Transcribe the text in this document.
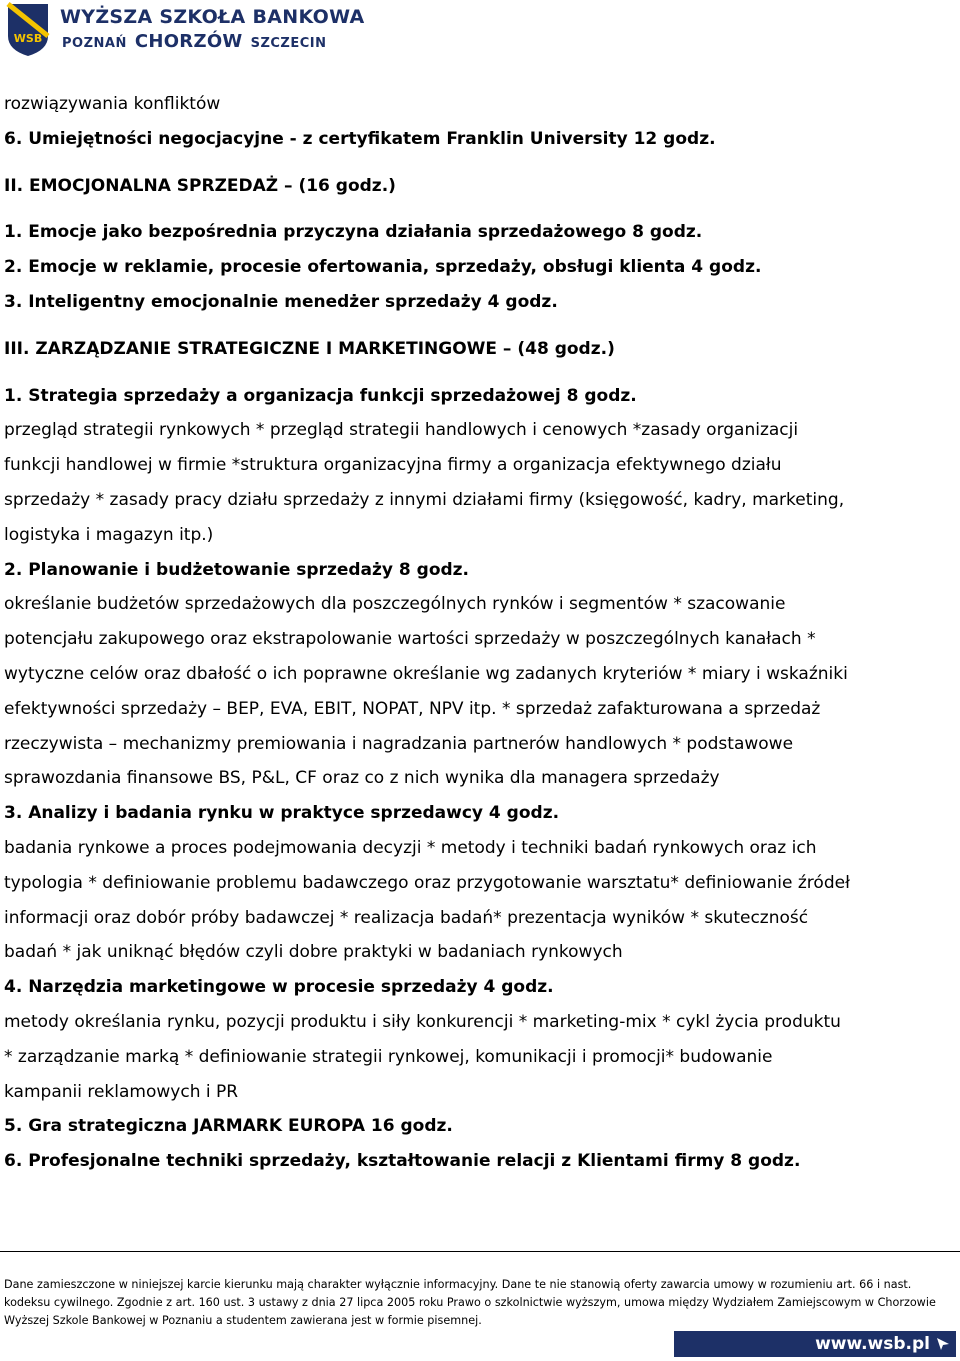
WSB
WYŻSZA SZKOŁA BANKOWA
POZNAŃ CHORZÓW SZCZECIN
rozwiązywania konfliktów
6. Umiejętności negocjacyjne - z certyfikatem Franklin University 12 godz.
II. EMOCJONALNA SPRZEDAŻ – (16 godz.)
1. Emocje jako bezpośrednia przyczyna działania sprzedażowego 8 godz.
2. Emocje w reklamie, procesie ofertowania, sprzedaży, obsługi klienta 4 godz.
3. Inteligentny emocjonalnie menedżer sprzedaży 4 godz.
III. ZARZĄDZANIE STRATEGICZNE I MARKETINGOWE – (48 godz.)
1. Strategia sprzedaży a organizacja funkcji sprzedażowej 8 godz.
przegląd strategii rynkowych * przegląd strategii handlowych i cenowych *zasady organizacji
funkcji handlowej w firmie *struktura organizacyjna firmy a organizacja efektywnego działu
sprzedaży * zasady pracy działu sprzedaży z innymi działami firmy (księgowość, kadry, marketing,
logistyka i magazyn itp.)
2. Planowanie i budżetowanie sprzedaży 8 godz.
określanie budżetów sprzedażowych dla poszczególnych rynków i segmentów * szacowanie
potencjału zakupowego oraz ekstrapolowanie wartości sprzedaży w poszczególnych kanałach *
wytyczne celów oraz dbałość o ich poprawne określanie wg zadanych kryteriów * miary i wskaźniki
efektywności sprzedaży – BEP, EVA, EBIT, NOPAT, NPV itp. * sprzedaż zafakturowana a sprzedaż
rzeczywista – mechanizmy premiowania i nagradzania partnerów handlowych * podstawowe
sprawozdania finansowe BS, P&L, CF oraz co z nich wynika dla managera sprzedaży
3. Analizy i badania rynku w praktyce sprzedawcy 4 godz.
badania rynkowe a proces podejmowania decyzji * metody i techniki badań rynkowych oraz ich
typologia * definiowanie problemu badawczego oraz przygotowanie warsztatu* definiowanie źródeł
informacji oraz dobór próby badawczej * realizacja badań* prezentacja wyników * skuteczność
badań * jak uniknąć błędów czyli dobre praktyki w badaniach rynkowych
4. Narzędzia marketingowe w procesie sprzedaży 4 godz.
metody określania rynku, pozycji produktu i siły konkurencji * marketing-mix * cykl życia produktu
* zarządzanie marką * definiowanie strategii rynkowej, komunikacji i promocji* budowanie
kampanii reklamowych i PR
5. Gra strategiczna JARMARK EUROPA 16 godz.
6. Profesjonalne techniki sprzedaży, kształtowanie relacji z Klientami firmy 8 godz.
Dane zamieszczone w niniejszej karcie kierunku mają charakter wyłącznie informacyjny. Dane te nie stanowią oferty zawarcia umowy w rozumieniu art. 66 i nast.
kodeksu cywilnego. Zgodnie z art. 160 ust. 3 ustawy z dnia 27 lipca 2005 roku Prawo o szkolnictwie wyższym, umowa między Wydziałem Zamiejscowym w Chorzowie
Wyższej Szkole Bankowej w Poznaniu a studentem zawierana jest w formie pisemnej.
www.wsb.pl
